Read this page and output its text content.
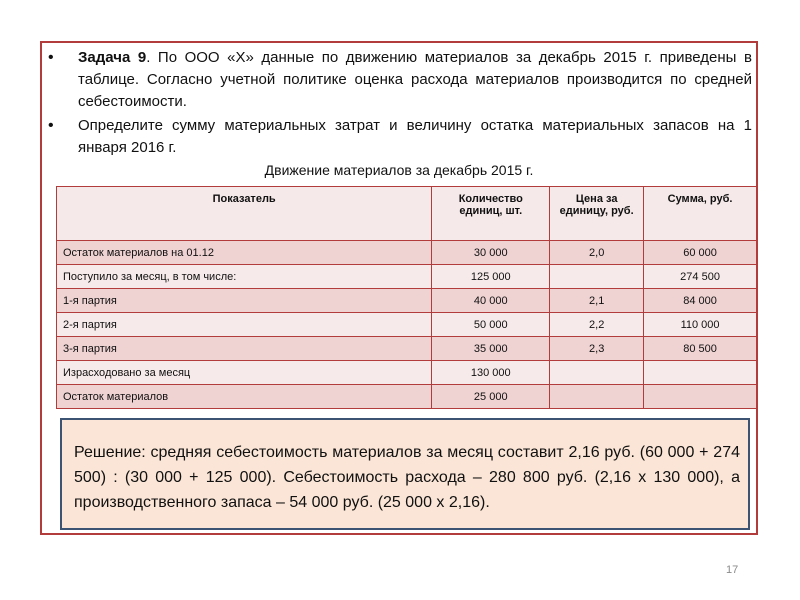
• Задача 9. По ООО «Х» данные по движению материалов за декабрь 2015 г. приведены в таблице. Согласно учетной политике оценка расхода материалов производится по средней себестоимости.
• Определите сумму материальных затрат и величину остатка материальных запасов на 1 января 2016 г.
Движение материалов за декабрь 2015 г.
Показатель	Количество единиц, шт.	Цена за единицу, руб.	Сумма, руб.
Остаток материалов на 01.12	30 000	2,0	60 000
Поступило за месяц, в том числе:	125 000		274 500
1-я партия	40 000	2,1	84 000
2-я партия	50 000	2,2	110 000
3-я партия	35 000	2,3	80 500
Израсходовано за месяц	130 000		
Остаток материалов	25 000		
Решение: средняя себестоимость материалов за месяц составит 2,16 руб. (60 000 + 274 500) : (30 000 + 125 000). Себестоимость расхода – 280 800 руб. (2,16 x 130 000), а производственного запаса – 54 000 руб. (25 000 х 2,16).
17
